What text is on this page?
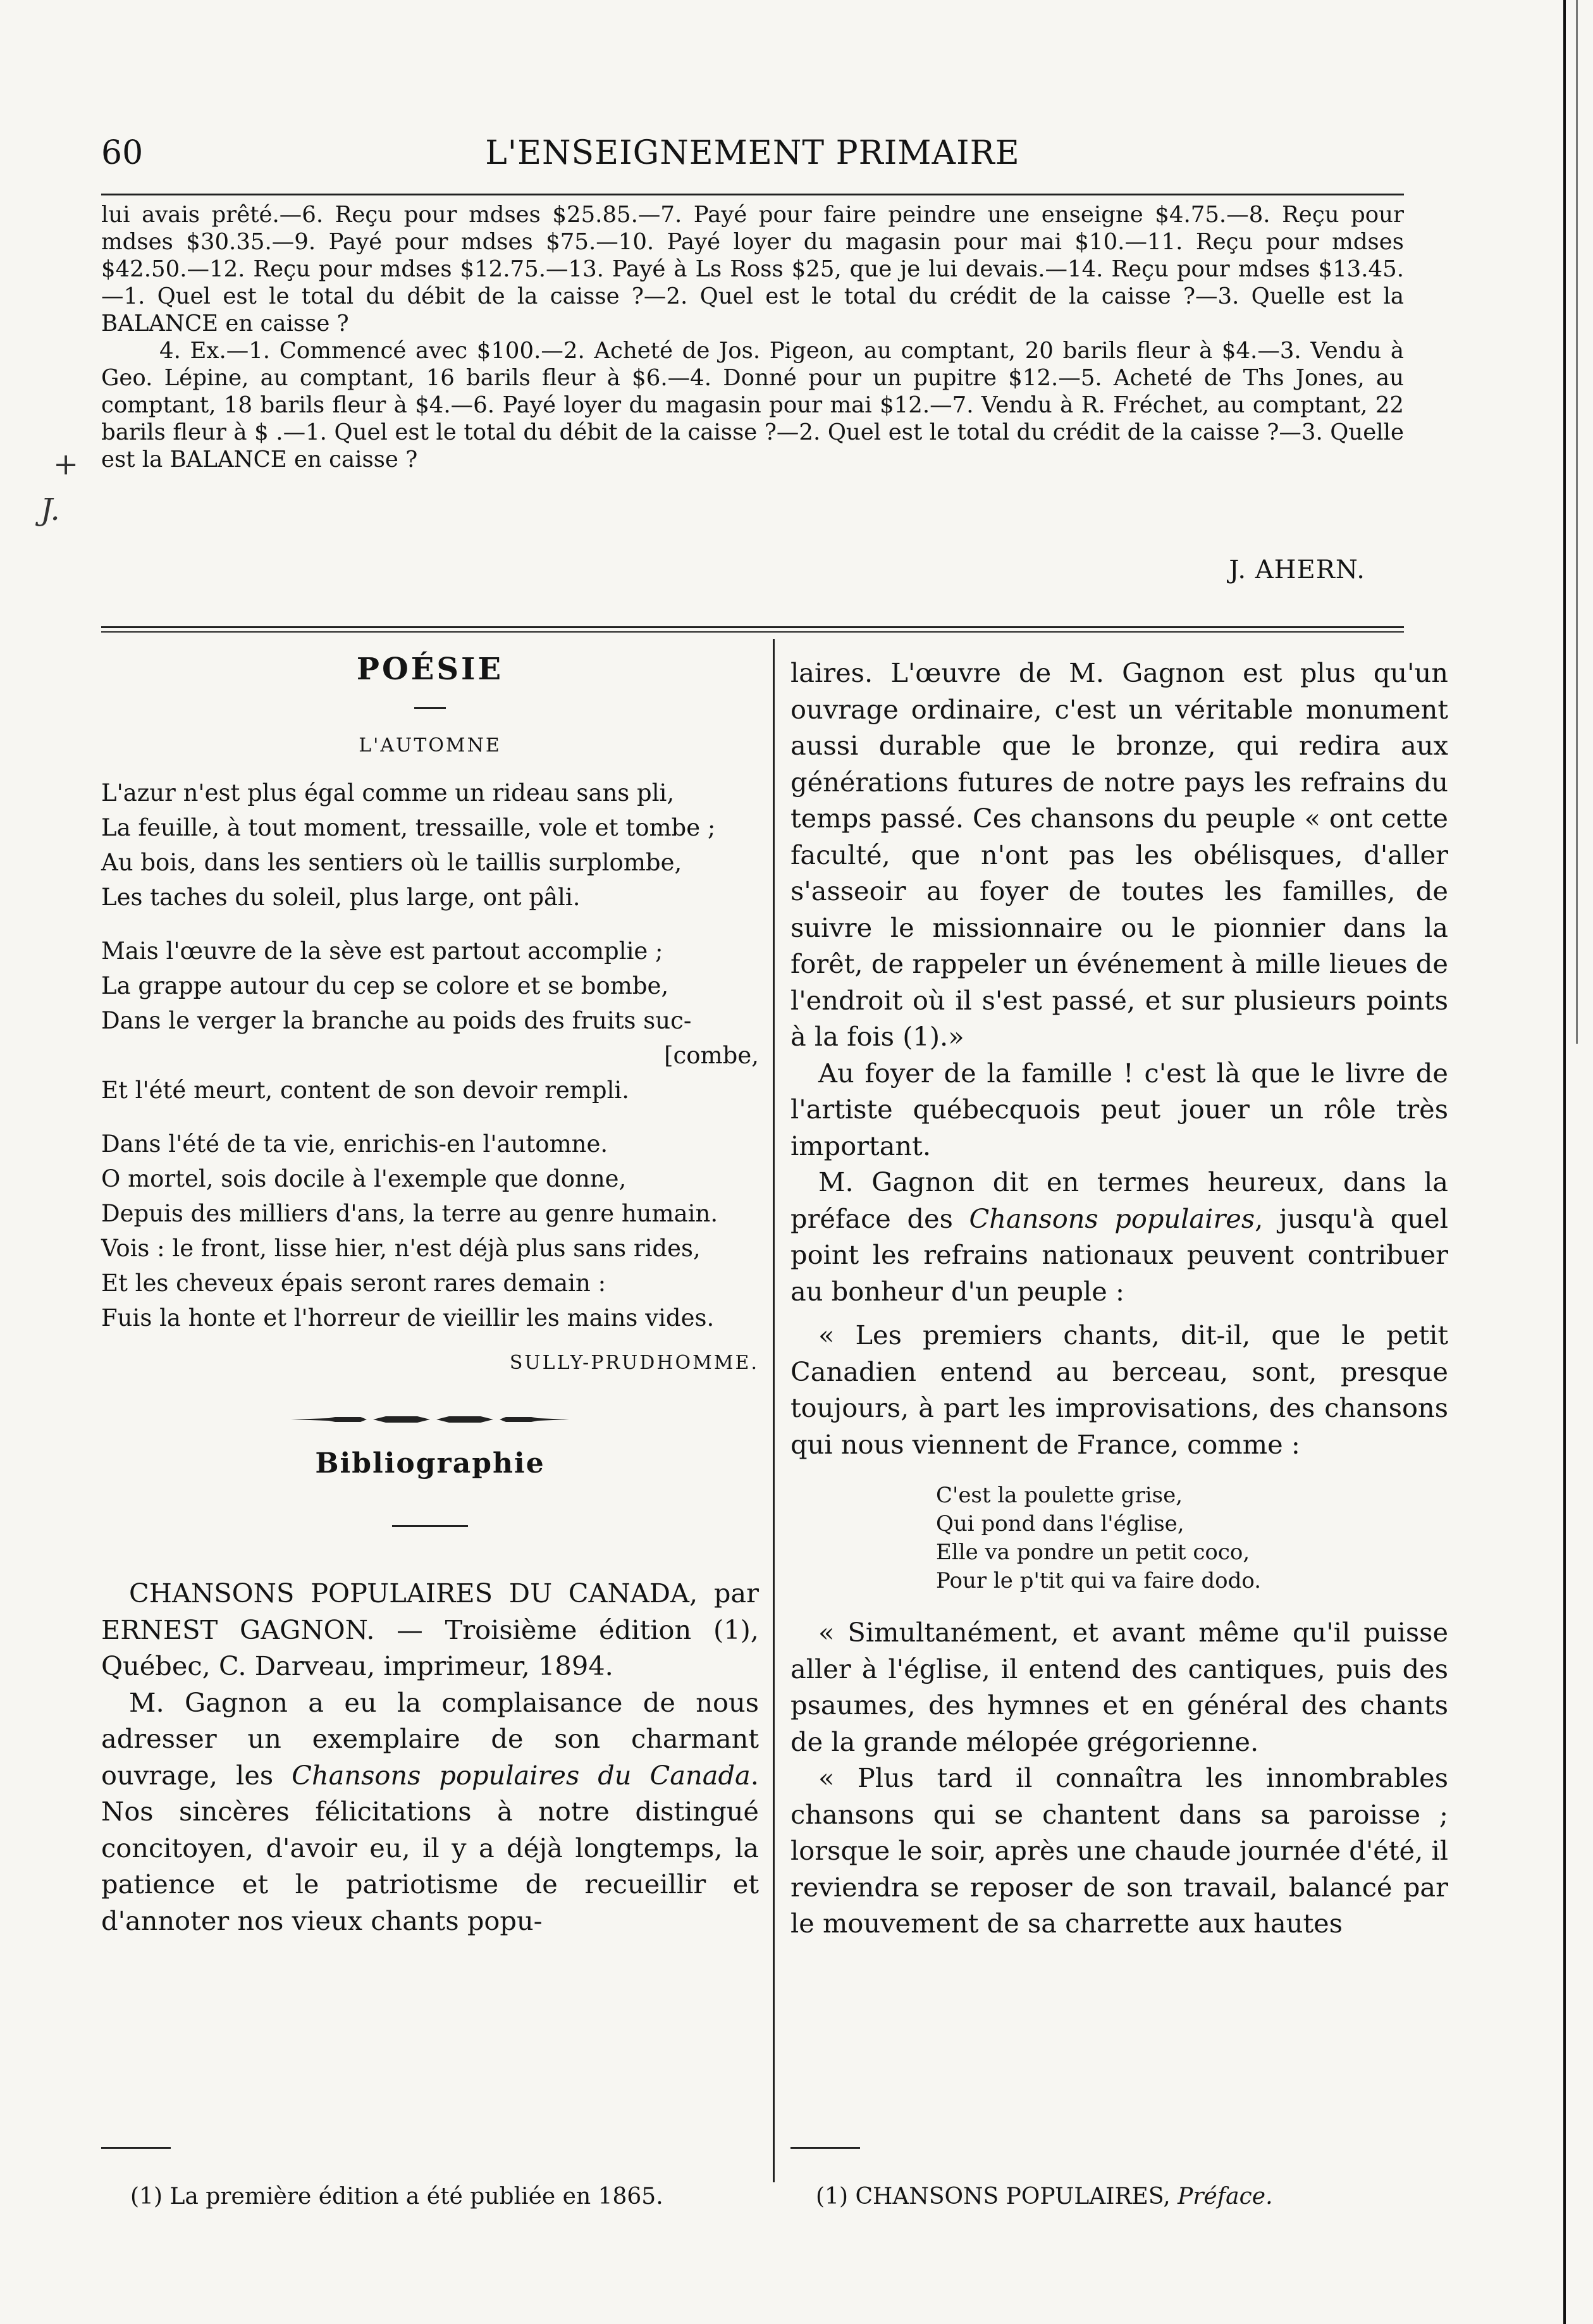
60	L'ENSEIGNEMENT PRIMAIRE

lui avais prêté.—6. Reçu pour mdses $25.85.—7. Payé pour faire peindre une enseigne $4.75.—8. Reçu pour mdses $30.35.—9. Payé pour mdses $75.—10. Payé loyer du magasin pour mai $10.—11. Reçu pour mdses $42.50.—12. Reçu pour mdses $12.75.—13. Payé à Ls Ross $25, que je lui devais.—14. Reçu pour mdses $13.45.—1. Quel est le total du débit de la caisse ?—2. Quel est le total du crédit de la caisse ?—3. Quelle est la BALANCE en caisse ?

4. Ex.—1. Commencé avec $100.—2. Acheté de Jos. Pigeon, au comptant, 20 barils fleur à $4.—3. Vendu à Geo. Lépine, au comptant, 16 barils fleur à $6.—4. Donné pour un pupitre $12.—5. Acheté de Ths Jones, au comptant, 18 barils fleur à $4.—6. Payé loyer du magasin pour mai $12.—7. Vendu à R. Fréchet, au comptant, 22 barils fleur à $ .—1. Quel est le total du débit de la caisse ?—2. Quel est le total du crédit de la caisse ?—3. Quelle est la BALANCE en caisse ?

J. AHERN.
+
J.
POÉSIE
L'AUTOMNE
L'azur n'est plus égal comme un rideau sans pli,
La feuille, à tout moment, tressaille, vole et tombe ;
Au bois, dans les sentiers où le taillis surplombe,
Les taches du soleil, plus large, ont pâli.
Mais l'œuvre de la sève est partout accomplie ;
La grappe autour du cep se colore et se bombe,
Dans le verger la branche au poids des fruits suc-
[combe,
Et l'été meurt, content de son devoir rempli.
Dans l'été de ta vie, enrichis-en l'automne.
O mortel, sois docile à l'exemple que donne,
Depuis des milliers d'ans, la terre au genre humain.
Vois : le front, lisse hier, n'est déjà plus sans rides,
Et les cheveux épais seront rares demain :
Fuis la honte et l'horreur de vieillir les mains vides.
SULLY-PRUDHOMME.
Bibliographie

CHANSONS POPULAIRES DU CANADA, par ERNEST GAGNON. — Troisième édition (1), Québec, C. Darveau, imprimeur, 1894.

M. Gagnon a eu la complaisance de nous adresser un exemplaire de son charmant ouvrage, les Chansons populaires du Canada. Nos sincères félicitations à notre distingué concitoyen, d'avoir eu, il y a déjà longtemps, la patience et le patriotisme de recueillir et d'annoter nos vieux chants popu-

laires. L'œuvre de M. Gagnon est plus qu'un ouvrage ordinaire, c'est un véritable monument aussi durable que le bronze, qui redira aux générations futures de notre pays les refrains du temps passé. Ces chansons du peuple « ont cette faculté, que n'ont pas les obélisques, d'aller s'asseoir au foyer de toutes les familles, de suivre le missionnaire ou le pionnier dans la forêt, de rappeler un événement à mille lieues de l'endroit où il s'est passé, et sur plusieurs points à la fois (1).»

Au foyer de la famille ! c'est là que le livre de l'artiste québecquois peut jouer un rôle très important.

M. Gagnon dit en termes heureux, dans la préface des Chansons populaires, jusqu'à quel point les refrains nationaux peuvent contribuer au bonheur d'un peuple :

« Les premiers chants, dit-il, que le petit Canadien entend au berceau, sont, presque toujours, à part les improvisations, des chansons qui nous viennent de France, comme :

C'est la poulette grise,
Qui pond dans l'église,
Elle va pondre un petit coco,
Pour le p'tit qui va faire dodo.

« Simultanément, et avant même qu'il puisse aller à l'église, il entend des cantiques, puis des psaumes, des hymnes et en général des chants de la grande mélopée grégorienne.

« Plus tard il connaîtra les innombrables chansons qui se chantent dans sa paroisse ; lorsque le soir, après une chaude journée d'été, il reviendra se reposer de son travail, balancé par le mouvement de sa charrette aux hautes

(1) La première édition a été publiée en 1865.	(1) CHANSONS POPULAIRES, Préface.
